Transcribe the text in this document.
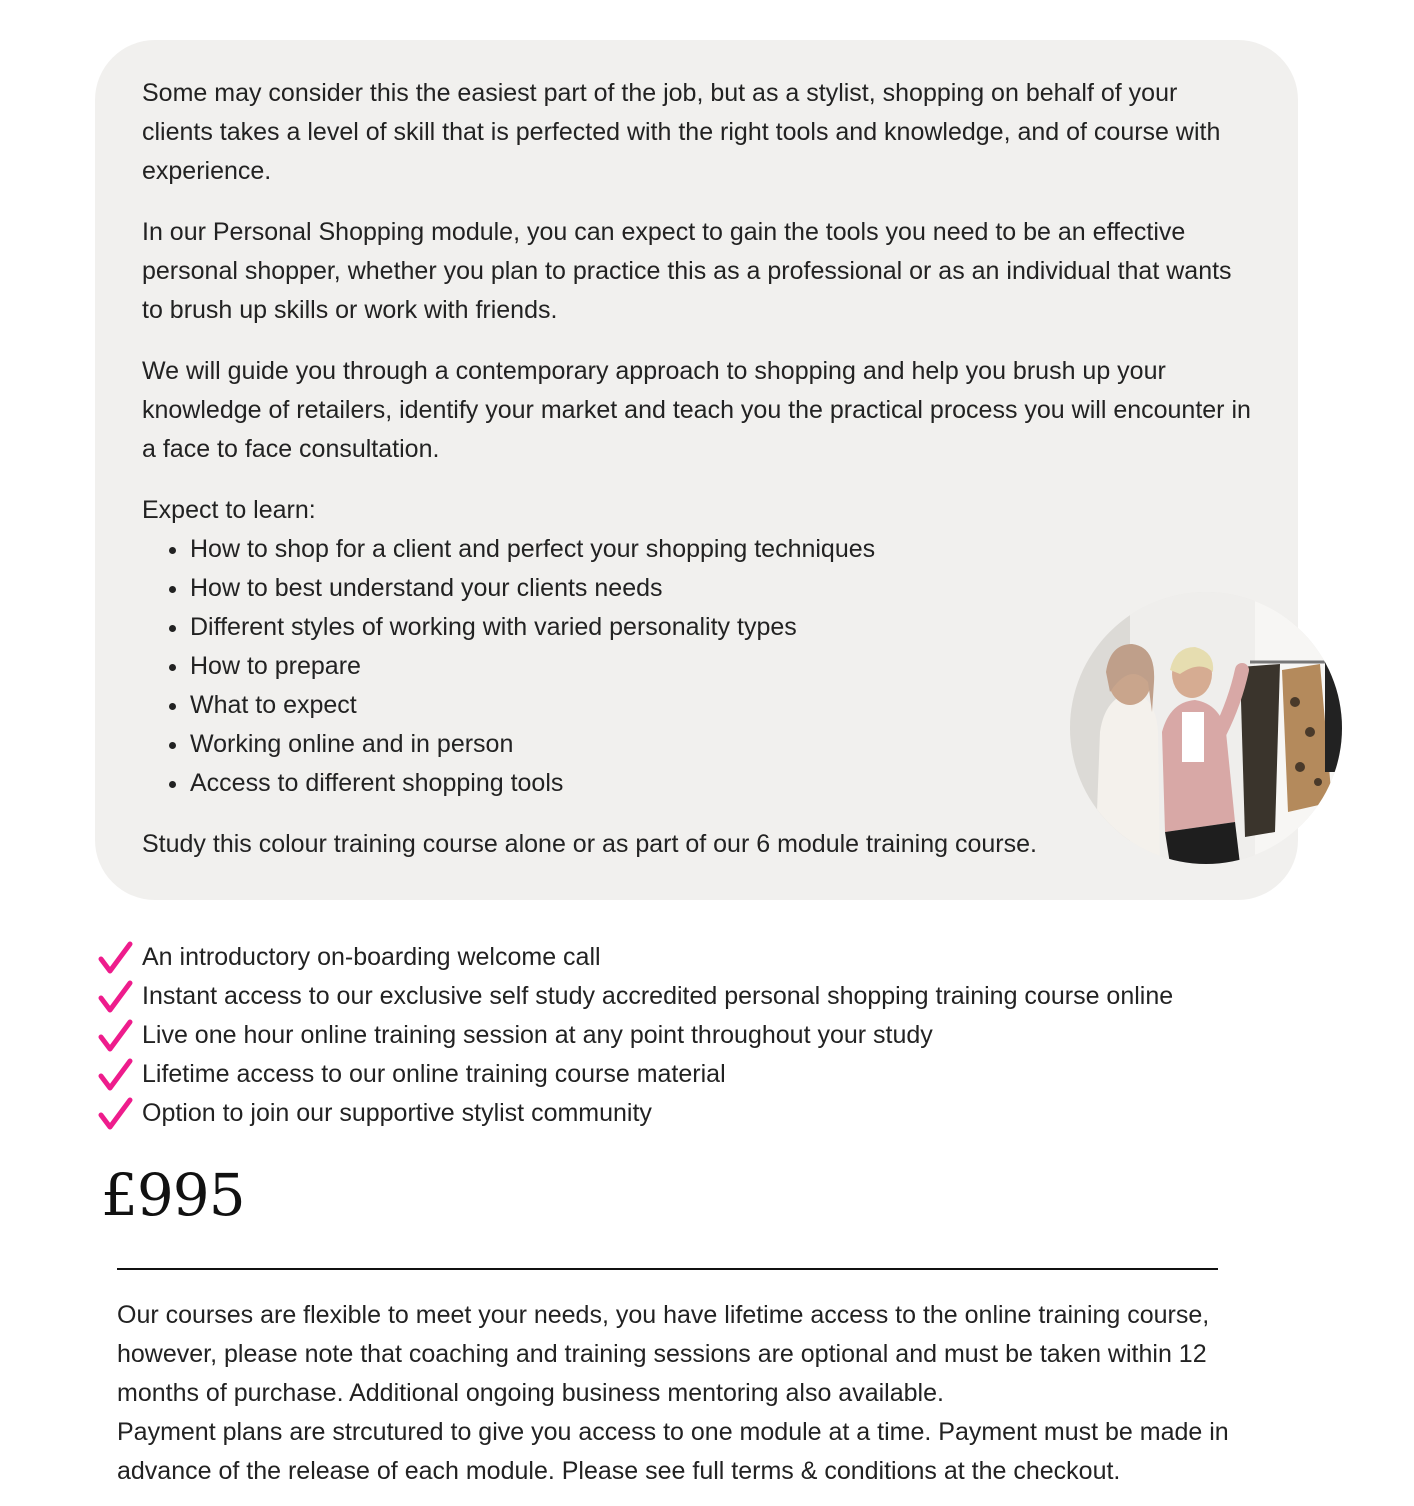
Some may consider this the easiest part of the job, but as a stylist, shopping on behalf of your clients takes a level of skill that is perfected with the right tools and knowledge, and of course with experience.

In our Personal Shopping module, you can expect to gain the tools you need to be an effective personal shopper, whether you plan to practice this as a professional or as an individual that wants to brush up skills or work with friends.

We will guide you through a contemporary approach to shopping and help you brush up your knowledge of retailers, identify your market and teach you the practical process you will encounter in a face to face consultation.

Expect to learn:
• How to shop for a client and perfect your shopping techniques
• How to best understand your clients needs
• Different styles of working with varied personality types
• How to prepare
• What to expect
• Working online and in person
• Access to different shopping tools

Study this colour training course alone or as part of our 6 module training course.

An introductory on-boarding welcome call
Instant access to our exclusive self study accredited personal shopping training course online
Live one hour online training session at any point throughout your study
Lifetime access to our online training course material
Option to join our supportive stylist community
£995

Our courses are flexible to meet your needs, you have lifetime access to the online training course, however, please note that coaching and training sessions are optional and must be taken within 12 months of purchase. Additional ongoing business mentoring also available.

Payment plans are strcutured to give you access to one module at a time. Payment must be made in advance of the release of each module. Please see full terms & conditions at the checkout.
